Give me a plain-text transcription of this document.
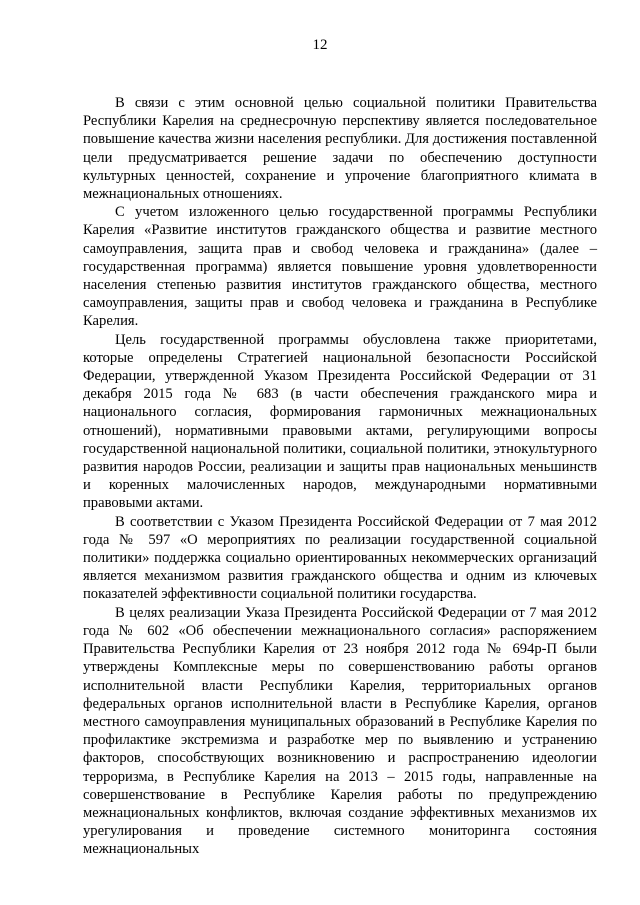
12

В связи с этим основной целью социальной политики Правительства Республики Карелия на среднесрочную перспективу является последовательное повышение качества жизни населения республики. Для достижения поставленной цели предусматривается решение задачи по обеспечению доступности культурных ценностей, сохранение и упрочение благоприятного климата в межнациональных отношениях.

С учетом изложенного целью государственной программы Республики Карелия «Развитие институтов гражданского общества и развитие местного самоуправления, защита прав и свобод человека и гражданина» (далее – государственная программа) является повышение уровня удовлетворенности населения степенью развития институтов гражданского общества, местного самоуправления, защиты прав и свобод человека и гражданина в Республике Карелия.

Цель государственной программы обусловлена также приоритетами, которые определены Стратегией национальной безопасности Российской Федерации, утвержденной Указом Президента Российской Федерации от 31 декабря 2015 года № 683 (в части обеспечения гражданского мира и национального согласия, формирования гармоничных межнациональных отношений), нормативными правовыми актами, регулирующими вопросы государственной национальной политики, социальной политики, этнокультурного развития народов России, реализации и защиты прав национальных меньшинств и коренных малочисленных народов, международными нормативными правовыми актами.

В соответствии с Указом Президента Российской Федерации от 7 мая 2012 года № 597 «О мероприятиях по реализации государственной социальной политики» поддержка социально ориентированных некоммерческих организаций является механизмом развития гражданского общества и одним из ключевых показателей эффективности социальной политики государства.

В целях реализации Указа Президента Российской Федерации от 7 мая 2012 года № 602 «Об обеспечении межнационального согласия» распоряжением Правительства Республики Карелия от 23 ноября 2012 года № 694р-П были утверждены Комплексные меры по совершенствованию работы органов исполнительной власти Республики Карелия, территориальных органов федеральных органов исполнительной власти в Республике Карелия, органов местного самоуправления муниципальных образований в Республике Карелия по профилактике экстремизма и разработке мер по выявлению и устранению факторов, способствующих возникновению и распространению идеологии терроризма, в Республике Карелия на 2013 – 2015 годы, направленные на совершенствование в Республике Карелия работы по предупреждению межнациональных конфликтов, включая создание эффективных механизмов их урегулирования и проведение системного мониторинга состояния межнациональных
